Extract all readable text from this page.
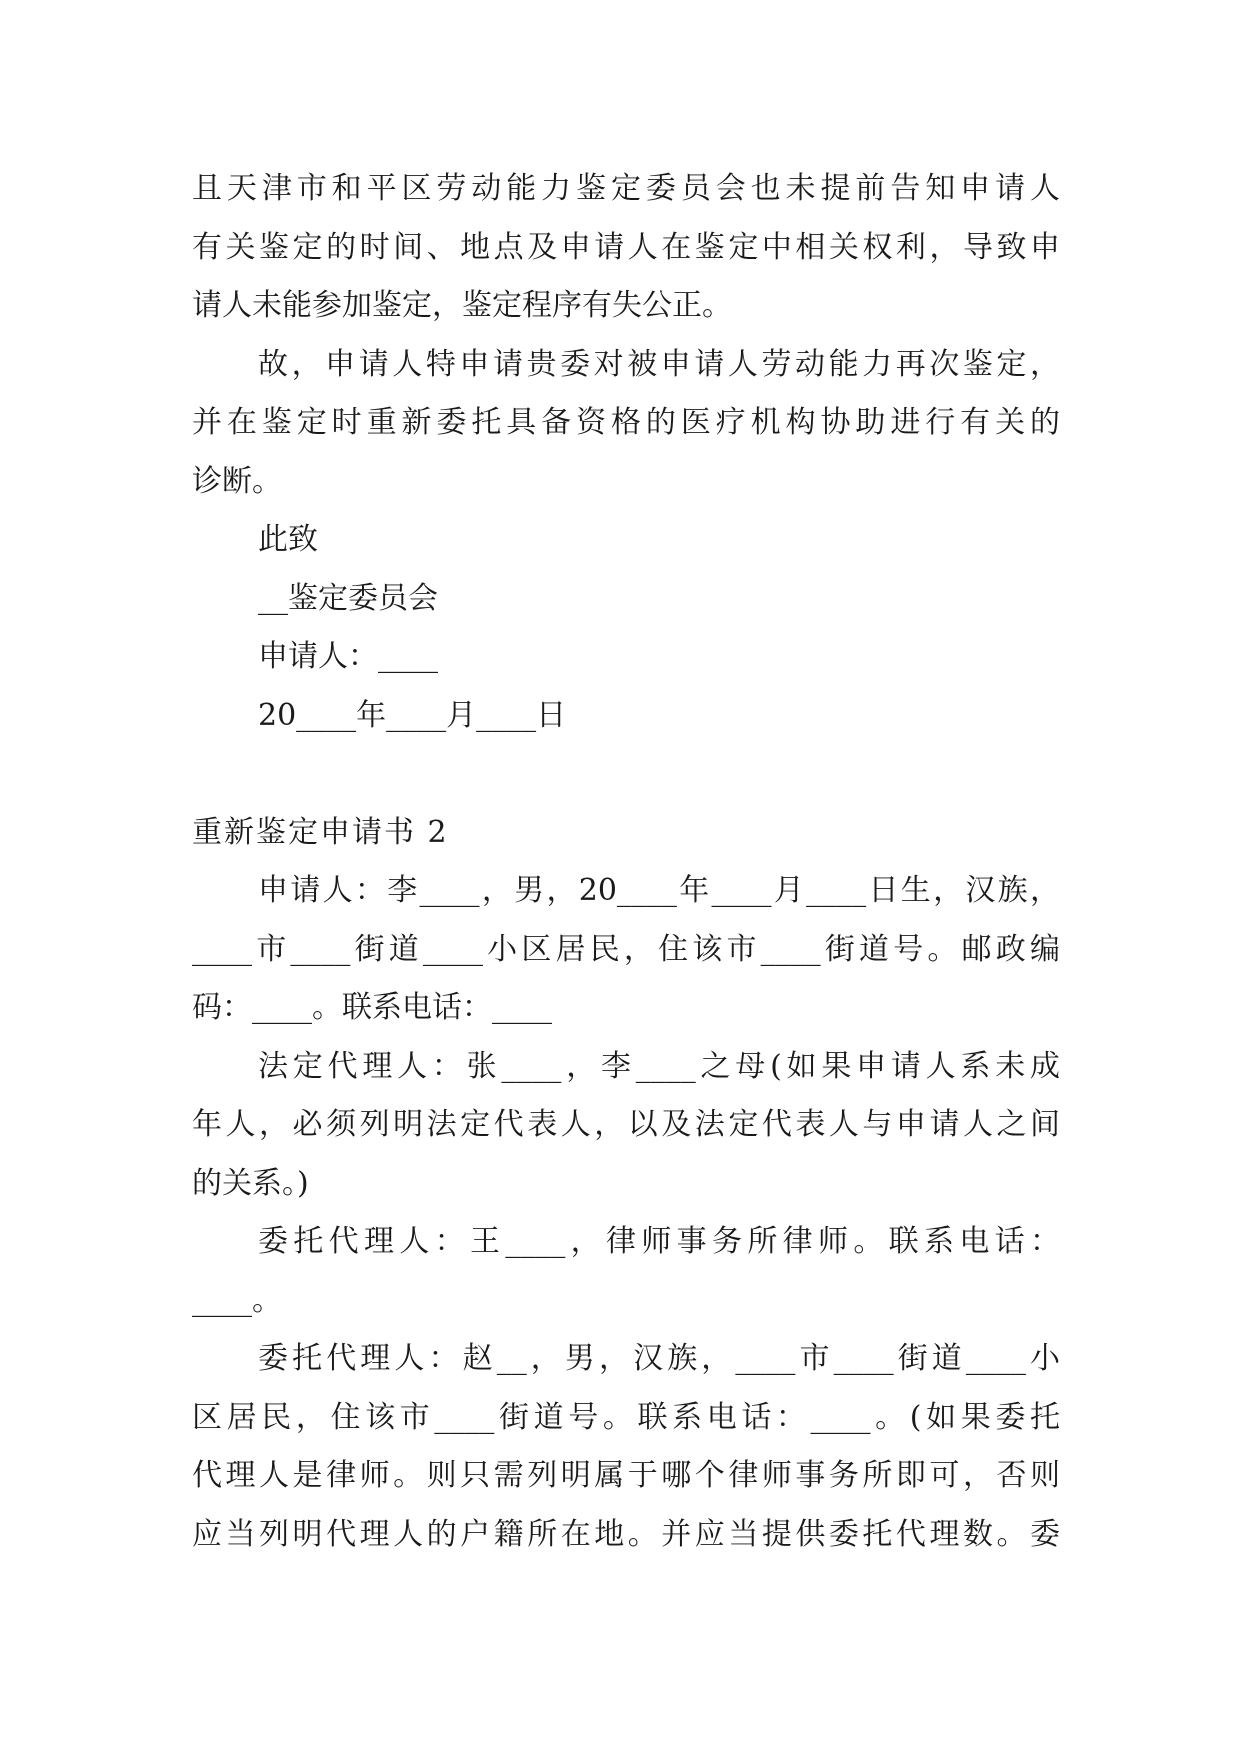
且天津市和平区劳动能力鉴定委员会也未提前告知申请人
有关鉴定的时间、地点及申请人在鉴定中相关权利，导致申
请人未能参加鉴定，鉴定程序有失公正。
故，申请人特申请贵委对被申请人劳动能力再次鉴定，
并在鉴定时重新委托具备资格的医疗机构协助进行有关的
诊断。
此致
__鉴定委员会
申请人：____
20____年____月____日
重新鉴定申请书 2
申请人：李____，男，20____年____月____日生，汉族，
____市____街道____小区居民，住该市____街道号。邮政编
码：____。联系电话：____
法定代理人：张____，李____之母(如果申请人系未成
年人，必须列明法定代表人，以及法定代表人与申请人之间
的关系。)
委托代理人：王____，律师事务所律师。联系电话：
____。
委托代理人：赵__，男，汉族，____市____街道____小
区居民，住该市____街道号。联系电话：____。(如果委托
代理人是律师。则只需列明属于哪个律师事务所即可，否则
应当列明代理人的户籍所在地。并应当提供委托代理数。委
